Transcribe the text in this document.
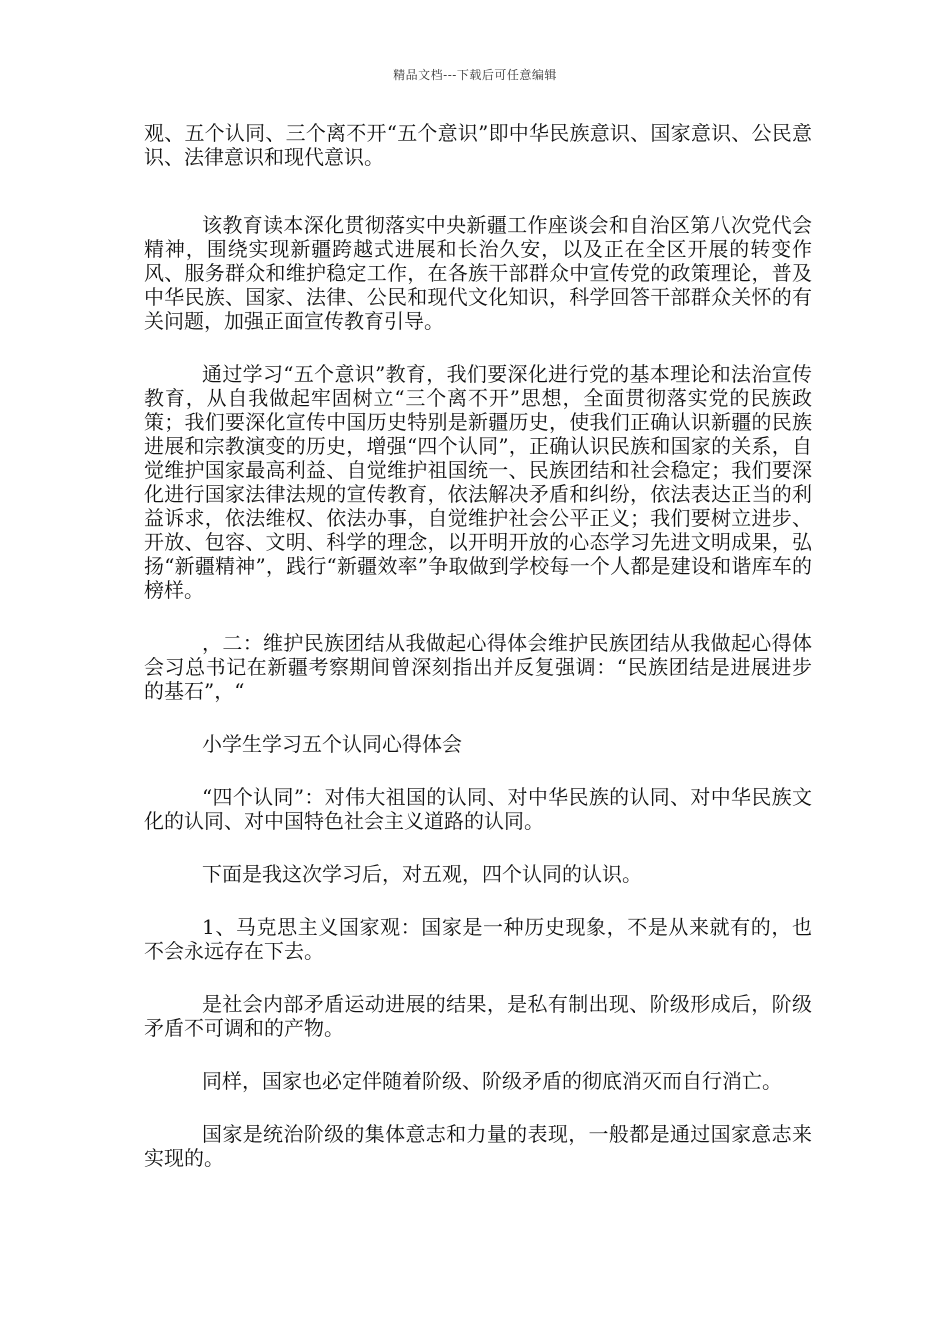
精品文档---下载后可任意编辑

观、五个认同、三个离不开“五个意识”即中华民族意识、国家意识、公民意识、法律意识和现代意识。

该教育读本深化贯彻落实中央新疆工作座谈会和自治区第八次党代会精神，围绕实现新疆跨越式进展和长治久安，以及正在全区开展的转变作风、服务群众和维护稳定工作，在各族干部群众中宣传党的政策理论，普及中华民族、国家、法律、公民和现代文化知识，科学回答干部群众关怀的有关问题，加强正面宣传教育引导。

通过学习“五个意识”教育，我们要深化进行党的基本理论和法治宣传教育，从自我做起牢固树立“三个离不开”思想，全面贯彻落实党的民族政策；我们要深化宣传中国历史特别是新疆历史，使我们正确认识新疆的民族进展和宗教演变的历史，增强“四个认同”，正确认识民族和国家的关系，自觉维护国家最高利益、自觉维护祖国统一、民族团结和社会稳定；我们要深化进行国家法律法规的宣传教育，依法解决矛盾和纠纷，依法表达正当的利益诉求，依法维权、依法办事，自觉维护社会公平正义；我们要树立进步、开放、包容、文明、科学的理念，以开明开放的心态学习先进文明成果，弘扬“新疆精神”，践行“新疆效率”争取做到学校每一个人都是建设和谐库车的榜样。

，二：维护民族团结从我做起心得体会维护民族团结从我做起心得体会习总书记在新疆考察期间曾深刻指出并反复强调：“民族团结是进展进步的基石”，“

小学生学习五个认同心得体会

“四个认同”：对伟大祖国的认同、对中华民族的认同、对中华民族文化的认同、对中国特色社会主义道路的认同。

下面是我这次学习后，对五观，四个认同的认识。

1、马克思主义国家观：国家是一种历史现象，不是从来就有的，也不会永远存在下去。

是社会内部矛盾运动进展的结果，是私有制出现、阶级形成后，阶级矛盾不可调和的产物。

同样，国家也必定伴随着阶级、阶级矛盾的彻底消灭而自行消亡。

国家是统治阶级的集体意志和力量的表现，一般都是通过国家意志来实现的。
